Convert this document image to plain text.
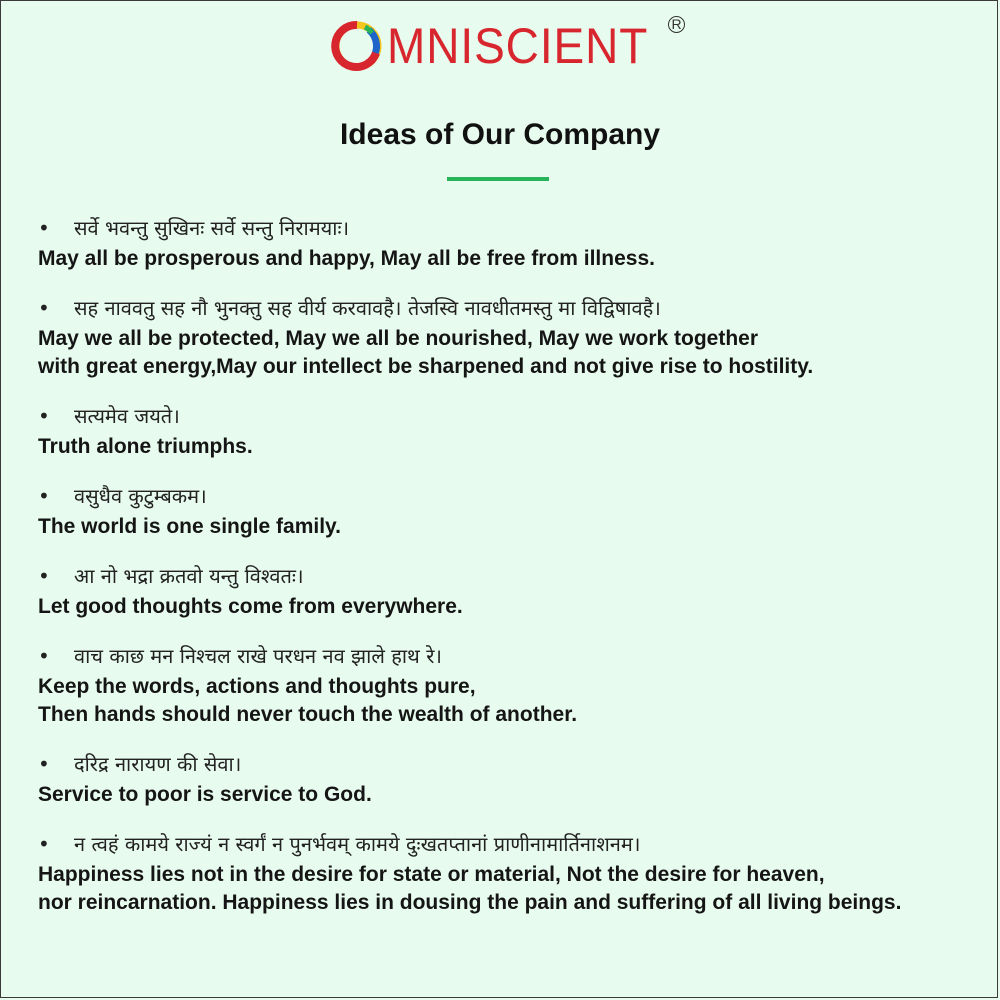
MNISCIENT R
Ideas of Our Company
•	सर्वे भवन्तु सुखिनः सर्वे सन्तु निरामयाः।
May all be prosperous and happy, May all be free from illness.
•	सह नाववतु सह नौ भुनक्तु सह वीर्य करवावहै। तेजस्वि नावधीतमस्तु मा विद्विषावहै।
May we all be protected, May we all be nourished, May we work together
with great energy,May our intellect be sharpened and not give rise to hostility.
•	सत्यमेव जयते।
Truth alone triumphs.
•	वसुधैव कुटुम्बकम।
The world is one single family.
•	आ नो भद्रा क्रतवो यन्तु विश्वतः।
Let good thoughts come from everywhere.
•	वाच काछ मन निश्चल राखे परधन नव झाले हाथ रे।
Keep the words, actions and thoughts pure,
Then hands should never touch the wealth of another.
•	दरिद्र नारायण की सेवा।
Service to poor is service to God.
•	न त्वहं कामये राज्यं न स्वर्गं न पुनर्भवम् कामये दुःखतप्तानां प्राणीनामार्तिनाशनम।
Happiness lies not in the desire for state or material, Not the desire for heaven,
nor reincarnation. Happiness lies in dousing the pain and suffering of all living beings.
